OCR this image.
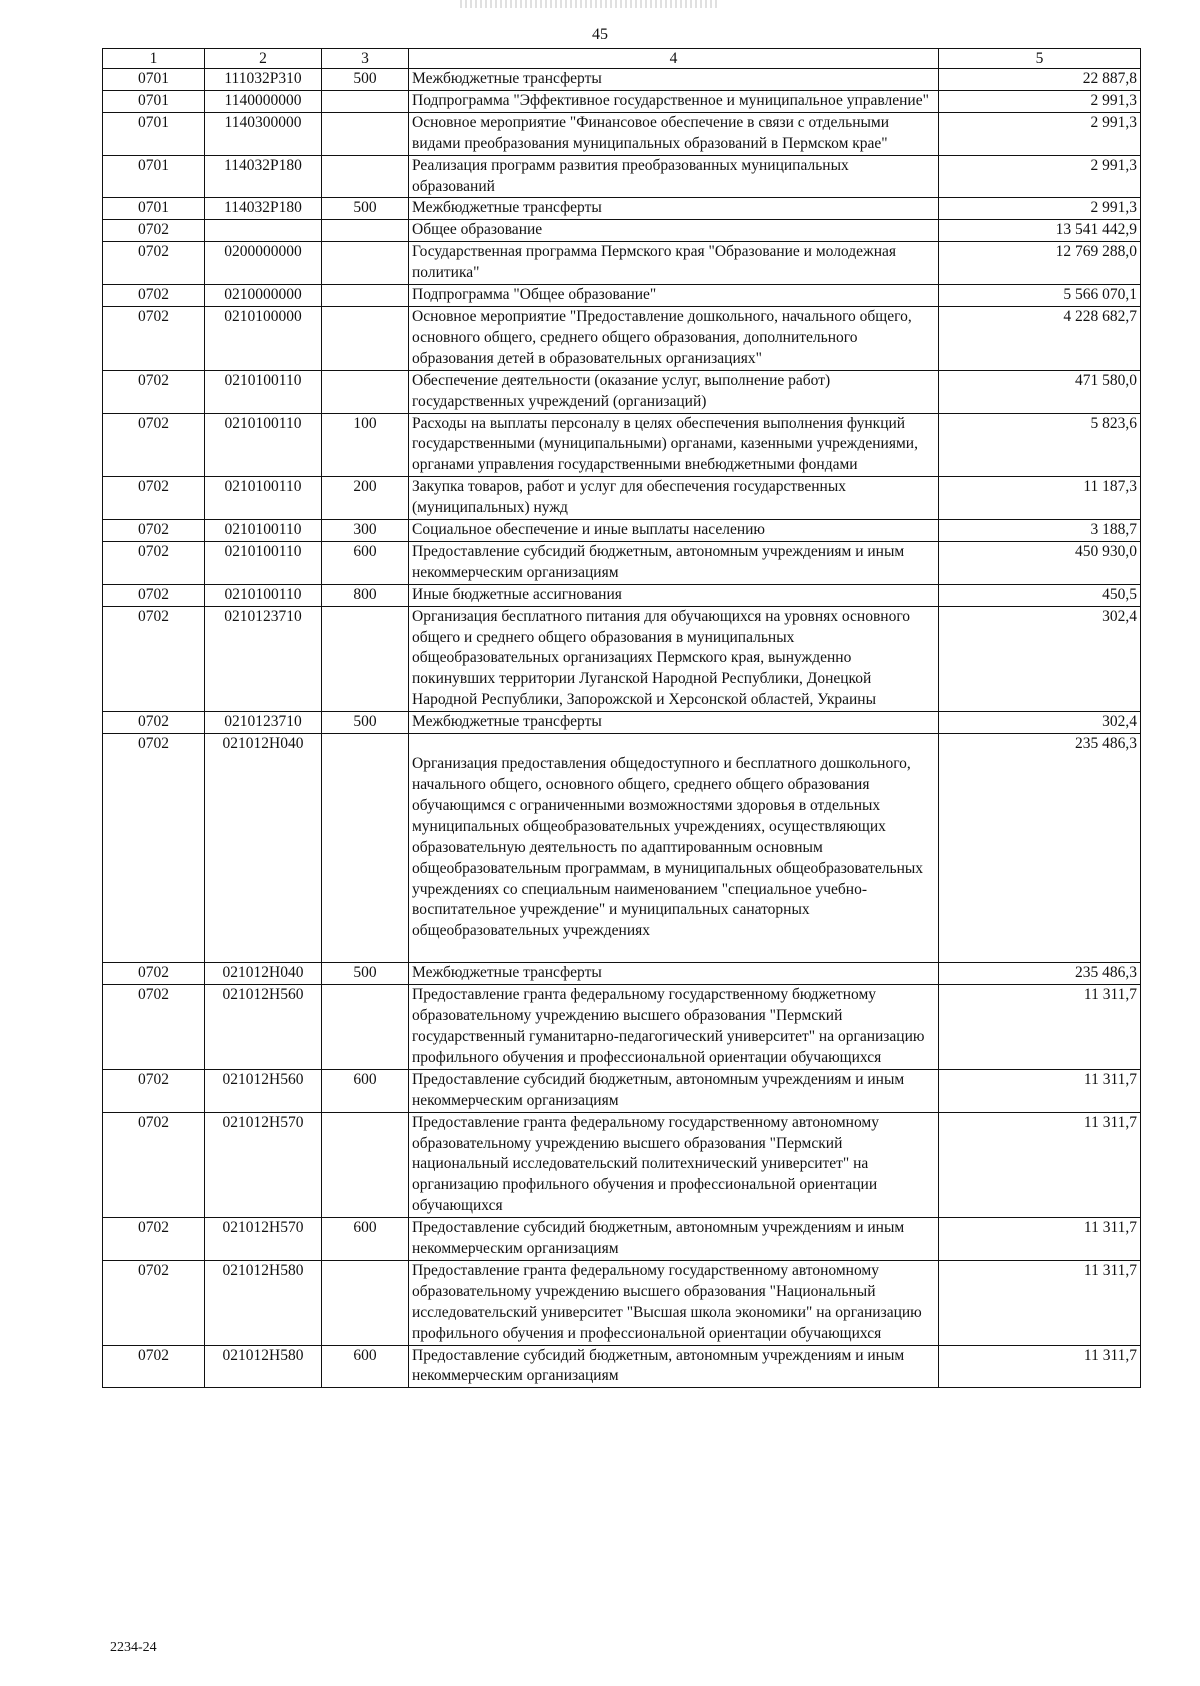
45
1	2	3	4	5
0701	111032P310	500	Межбюджетные трансферты	22 887,8
0701	1140000000		Подпрограмма "Эффективное государственное и муниципальное управление"	2 991,3
0701	1140300000		Основное мероприятие "Финансовое обеспечение в связи с отдельными видами преобразования муниципальных образований в Пермском крае"	2 991,3
0701	114032P180		Реализация программ развития преобразованных муниципальных образований	2 991,3
0701	114032P180	500	Межбюджетные трансферты	2 991,3
0702			Общее образование	13 541 442,9
0702	0200000000		Государственная программа Пермского края "Образование и молодежная политика"	12 769 288,0
0702	0210000000		Подпрограмма "Общее образование"	5 566 070,1
0702	0210100000		Основное мероприятие "Предоставление дошкольного, начального общего, основного общего, среднего общего образования, дополнительного образования детей в образовательных организациях"	4 228 682,7
0702	0210100110		Обеспечение деятельности (оказание услуг, выполнение работ) государственных учреждений (организаций)	471 580,0
0702	0210100110	100	Расходы на выплаты персоналу в целях обеспечения выполнения функций государственными (муниципальными) органами, казенными учреждениями, органами управления государственными внебюджетными фондами	5 823,6
0702	0210100110	200	Закупка товаров, работ и услуг для обеспечения государственных (муниципальных) нужд	11 187,3
0702	0210100110	300	Социальное обеспечение и иные выплаты населению	3 188,7
0702	0210100110	600	Предоставление субсидий бюджетным, автономным учреждениям и иным некоммерческим организациям	450 930,0
0702	0210100110	800	Иные бюджетные ассигнования	450,5
0702	0210123710		Организация бесплатного питания для обучающихся на уровнях основного общего и среднего общего образования в муниципальных общеобразовательных организациях Пермского края, вынужденно покинувших территории Луганской Народной Республики, Донецкой Народной Республики, Запорожской и Херсонской областей, Украины	302,4
0702	0210123710	500	Межбюджетные трансферты	302,4
0702	021012Н040		Организация предоставления общедоступного и бесплатного дошкольного, начального общего, основного общего, среднего общего образования обучающимся с ограниченными возможностями здоровья в отдельных муниципальных общеобразовательных учреждениях, осуществляющих образовательную деятельность по адаптированным основным общеобразовательным программам, в муниципальных общеобразовательных учреждениях со специальным наименованием "специальное учебно-воспитательное учреждение" и муниципальных санаторных общеобразовательных учреждениях	235 486,3
0702	021012Н040	500	Межбюджетные трансферты	235 486,3
0702	021012Н560		Предоставление гранта федеральному государственному бюджетному образовательному учреждению высшего образования "Пермский государственный гуманитарно-педагогический университет" на организацию профильного обучения и профессиональной ориентации обучающихся	11 311,7
0702	021012Н560	600	Предоставление субсидий бюджетным, автономным учреждениям и иным некоммерческим организациям	11 311,7
0702	021012Н570		Предоставление гранта федеральному государственному автономному образовательному учреждению высшего образования "Пермский национальный исследовательский политехнический университет" на организацию профильного обучения и профессиональной ориентации обучающихся	11 311,7
0702	021012Н570	600	Предоставление субсидий бюджетным, автономным учреждениям и иным некоммерческим организациям	11 311,7
0702	021012Н580		Предоставление гранта федеральному государственному автономному образовательному учреждению высшего образования "Национальный исследовательский университет "Высшая школа экономики" на организацию профильного обучения и профессиональной ориентации обучающихся	11 311,7
0702	021012Н580	600	Предоставление субсидий бюджетным, автономным учреждениям и иным некоммерческим организациям	11 311,7
2234-24
